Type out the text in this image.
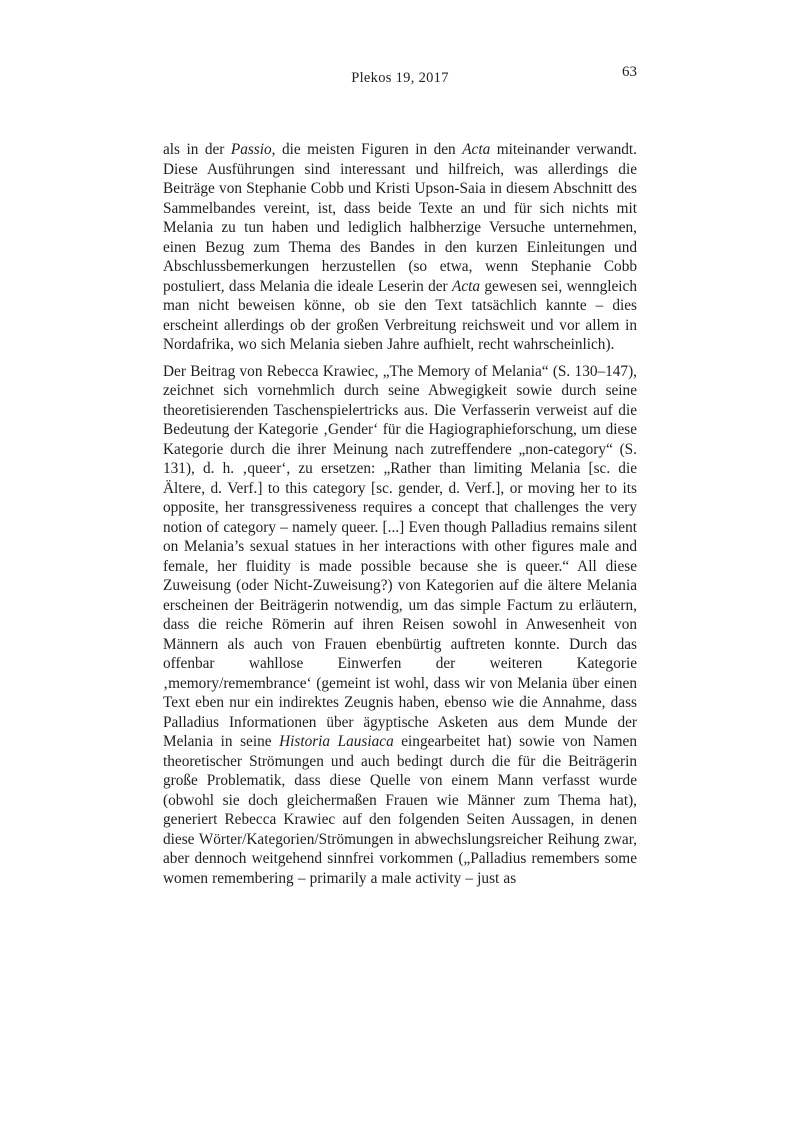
Plekos 19, 2017	63

als in der Passio, die meisten Figuren in den Acta miteinander verwandt. Diese Ausführungen sind interessant und hilfreich, was allerdings die Beiträge von Stephanie Cobb und Kristi Upson-Saia in diesem Abschnitt des Sammelbandes vereint, ist, dass beide Texte an und für sich nichts mit Melania zu tun haben und lediglich halbherzige Versuche unternehmen, einen Bezug zum Thema des Bandes in den kurzen Einleitungen und Abschlussbemerkungen herzustellen (so etwa, wenn Stephanie Cobb postuliert, dass Melania die ideale Leserin der Acta gewesen sei, wenngleich man nicht beweisen könne, ob sie den Text tatsächlich kannte – dies erscheint allerdings ob der großen Verbreitung reichsweit und vor allem in Nordafrika, wo sich Melania sieben Jahre aufhielt, recht wahrscheinlich).

Der Beitrag von Rebecca Krawiec, „The Memory of Melania“ (S. 130–147), zeichnet sich vornehmlich durch seine Abwegigkeit sowie durch seine theoretisierenden Taschenspielertricks aus. Die Verfasserin verweist auf die Bedeutung der Kategorie ‚Gender‘ für die Hagiographieforschung, um diese Kategorie durch die ihrer Meinung nach zutreffendere „non-category“ (S. 131), d. h. ‚queer‘, zu ersetzen: „Rather than limiting Melania [sc. die Ältere, d. Verf.] to this category [sc. gender, d. Verf.], or moving her to its opposite, her transgressiveness requires a concept that challenges the very notion of category – namely queer. [...] Even though Palladius remains silent on Melania’s sexual statues in her interactions with other figures male and female, her fluidity is made possible because she is queer.“ All diese Zuweisung (oder Nicht-Zuweisung?) von Kategorien auf die ältere Melania erscheinen der Beiträgerin notwendig, um das simple Factum zu erläutern, dass die reiche Römerin auf ihren Reisen sowohl in Anwesenheit von Männern als auch von Frauen ebenbürtig auftreten konnte. Durch das offenbar wahllose Einwerfen der weiteren Kategorie ‚memory/remembrance‘ (gemeint ist wohl, dass wir von Melania über einen Text eben nur ein indirektes Zeugnis haben, ebenso wie die Annahme, dass Palladius Informationen über ägyptische Asketen aus dem Munde der Melania in seine Historia Lausiaca eingearbeitet hat) sowie von Namen theoretischer Strömungen und auch bedingt durch die für die Beiträgerin große Problematik, dass diese Quelle von einem Mann verfasst wurde (obwohl sie doch gleichermaßen Frauen wie Männer zum Thema hat), generiert Rebecca Krawiec auf den folgenden Seiten Aussagen, in denen diese Wörter/Kategorien/Strömungen in abwechslungsreicher Reihung zwar, aber dennoch weitgehend sinnfrei vorkommen („Palladius remembers some women remembering – primarily a male activity – just as
